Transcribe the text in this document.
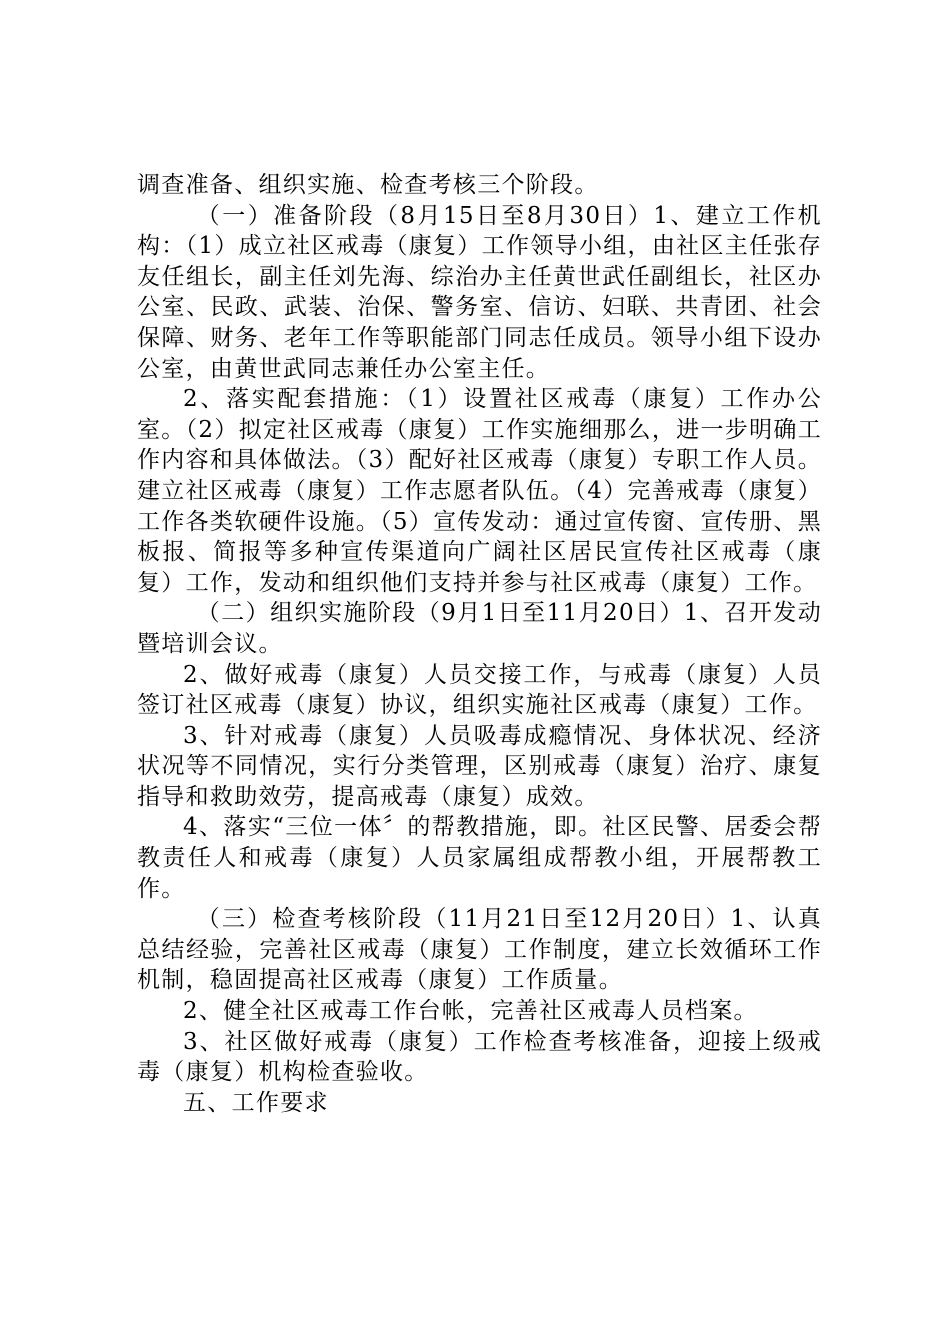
调查准备、组织实施、检查考核三个阶段。

（一）准备阶段（8月15日至8月30日）1、建立工作机构：（1）成立社区戒毒（康复）工作领导小组，由社区主任张存友任组长，副主任刘先海、综治办主任黄世武任副组长，社区办公室、民政、武装、治保、警务室、信访、妇联、共青团、社会保障、财务、老年工作等职能部门同志任成员。领导小组下设办公室，由黄世武同志兼任办公室主任。

2、落实配套措施：（1）设置社区戒毒（康复）工作办公室。（2）拟定社区戒毒（康复）工作实施细那么，进一步明确工作内容和具体做法。（3）配好社区戒毒（康复）专职工作人员。建立社区戒毒（康复）工作志愿者队伍。（4）完善戒毒（康复）工作各类软硬件设施。（5）宣传发动：通过宣传窗、宣传册、黑板报、简报等多种宣传渠道向广阔社区居民宣传社区戒毒（康复）工作，发动和组织他们支持并参与社区戒毒（康复）工作。

（二）组织实施阶段（9月1日至11月20日）1、召开发动暨培训会议。

2、做好戒毒（康复）人员交接工作，与戒毒（康复）人员签订社区戒毒（康复）协议，组织实施社区戒毒（康复）工作。

3、针对戒毒（康复）人员吸毒成瘾情况、身体状况、经济状况等不同情况，实行分类管理，区别戒毒（康复）治疗、康复指导和救助效劳，提高戒毒（康复）成效。

4、落实“三位一体〞的帮教措施，即。社区民警、居委会帮教责任人和戒毒（康复）人员家属组成帮教小组，开展帮教工作。

（三）检查考核阶段（11月21日至12月20日）1、认真总结经验，完善社区戒毒（康复）工作制度，建立长效循环工作机制，稳固提高社区戒毒（康复）工作质量。

2、健全社区戒毒工作台帐，完善社区戒毒人员档案。

3、社区做好戒毒（康复）工作检查考核准备，迎接上级戒毒（康复）机构检查验收。

五、工作要求
